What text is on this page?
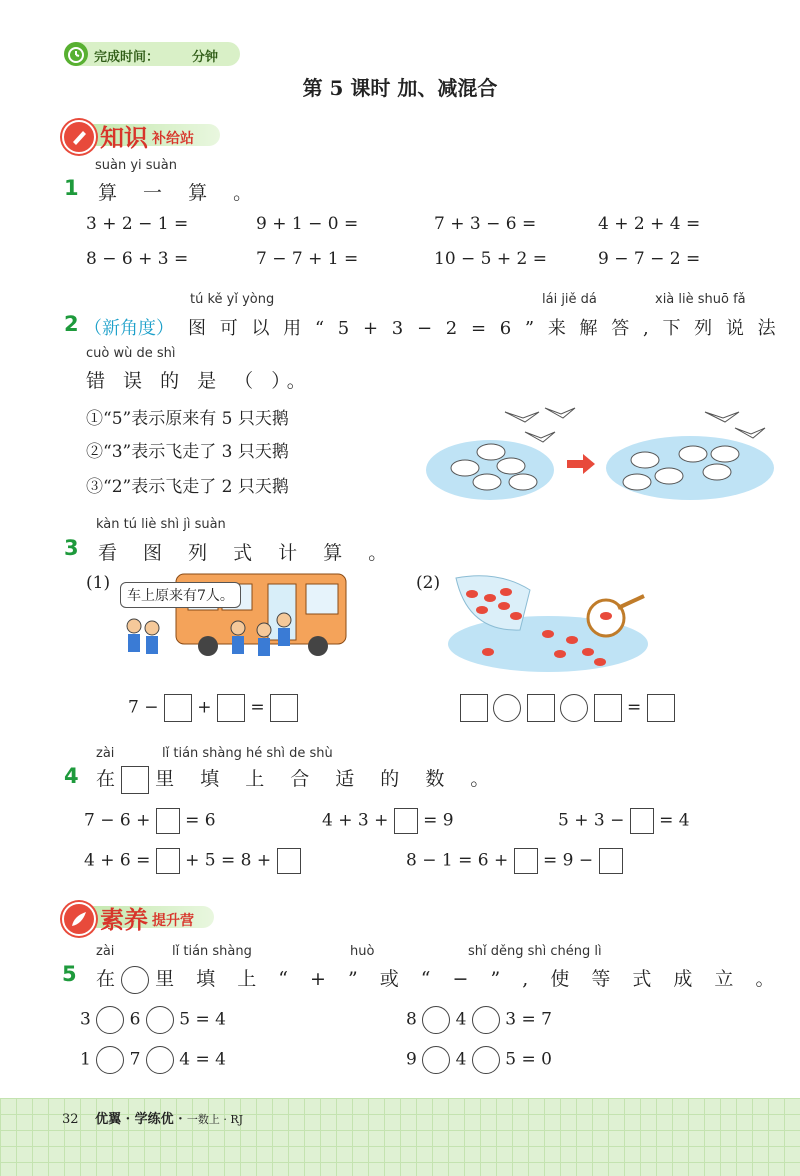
完成时间：	分钟
第 5 课时 加、减混合
知识 补给站
suàn yi suàn
1 算 一 算 。
3 + 2 − 1 =	9 + 1 − 0 =	7 + 3 − 6 =	4 + 2 + 4 =
8 − 6 + 3 =	7 − 7 + 1 =	10 − 5 + 2 =	9 − 7 − 2 =
tú kě yǐ yòng	lái jiě dá	xià liè shuō fǎ
2 （新角度） 图 可 以 用 “ 5 + 3 − 2 = 6 ” 来 解 答 , 下 列 说 法
cuò wù de shì
错 误 的 是 （ ）。
①“5”表示原来有 5 只天鹅
②“3”表示飞走了 3 只天鹅
③“2”表示飞走了 2 只天鹅
kàn tú liè shì jì suàn
3 看 图 列 式 计 算 。
(1)	(2)
车上原来有7人。
7 − + =	=
zài	lǐ tián shàng hé shì de shù
4 在 里 填 上 合 适 的 数 。
7 − 6 + = 6	4 + 3 + = 9	5 + 3 − = 4
4 + 6 = + 5 = 8 +	8 − 1 = 6 + = 9 −
素养 提升营
zài	lǐ tián shàng	huò	shǐ děng shì chéng lì
5 在 里 填 上 “ + ” 或 “ − ” , 使 等 式 成 立 。
3 6 5 = 4	8 4 3 = 7
1 7 4 = 4	9 4 5 = 0
32 优翼 · 学练优 · 一数上 · RJ
